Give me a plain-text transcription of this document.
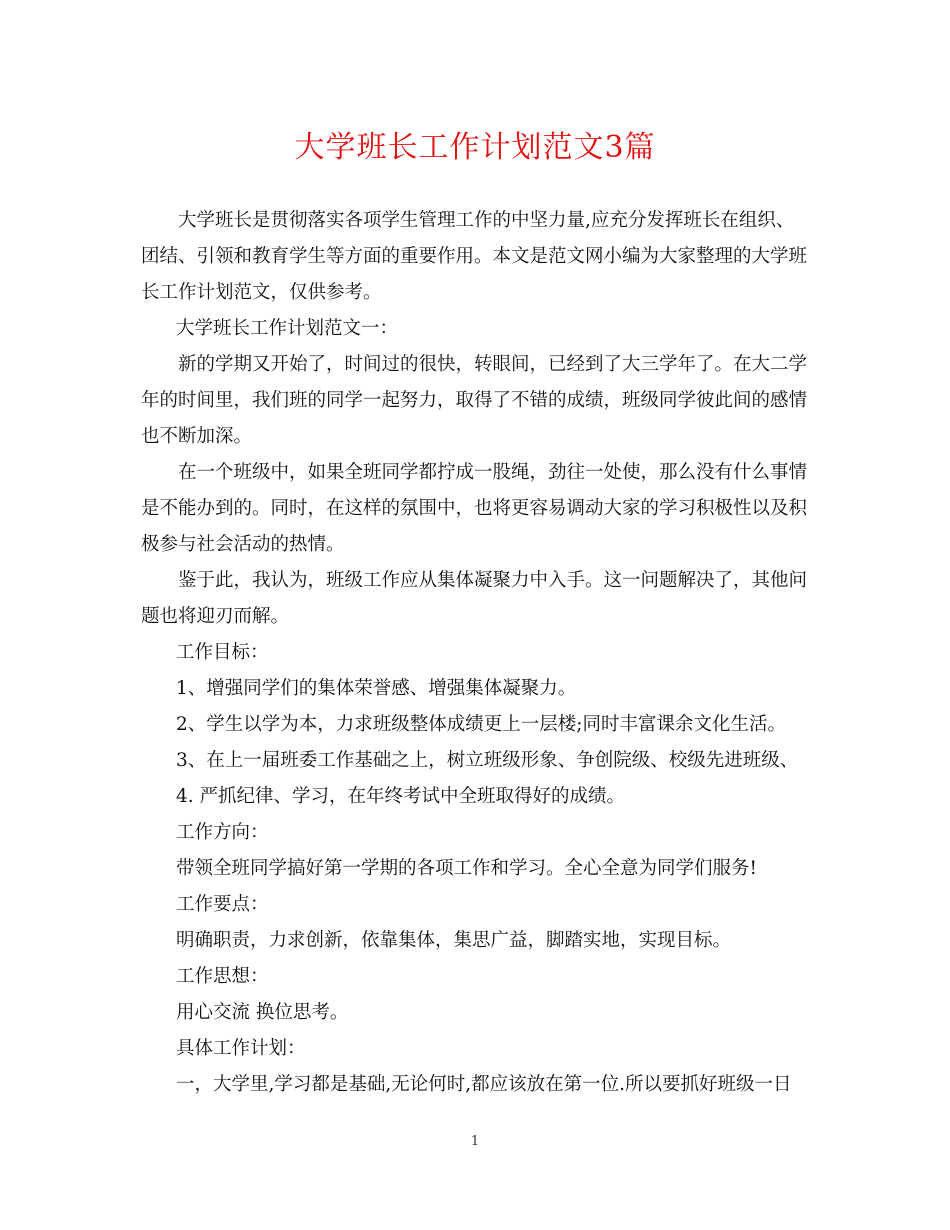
大学班长工作计划范文3篇

大学班长是贯彻落实各项学生管理工作的中坚力量,应充分发挥班长在组织、团结、引领和教育学生等方面的重要作用。本文是范文网小编为大家整理的大学班长工作计划范文，仅供参考。

大学班长工作计划范文一：

新的学期又开始了，时间过的很快，转眼间，已经到了大三学年了。在大二学年的时间里，我们班的同学一起努力，取得了不错的成绩，班级同学彼此间的感情也不断加深。

在一个班级中，如果全班同学都拧成一股绳，劲往一处使，那么没有什么事情是不能办到的。同时，在这样的氛围中，也将更容易调动大家的学习积极性以及积极参与社会活动的热情。

鉴于此，我认为，班级工作应从集体凝聚力中入手。这一问题解决了，其他问题也将迎刃而解。

工作目标：

1、增强同学们的集体荣誉感、增强集体凝聚力。

2、学生以学为本，力求班级整体成绩更上一层楼;同时丰富课余文化生活。

3、在上一届班委工作基础之上，树立班级形象、争创院级、校级先进班级、

4. 严抓纪律、学习，在年终考试中全班取得好的成绩。

工作方向：

带领全班同学搞好第一学期的各项工作和学习。全心全意为同学们服务!

工作要点：

明确职责，力求创新，依靠集体，集思广益，脚踏实地，实现目标。

工作思想：

用心交流 换位思考。

具体工作计划：

一，大学里,学习都是基础,无论何时,都应该放在第一位.所以要抓好班级一日

1
